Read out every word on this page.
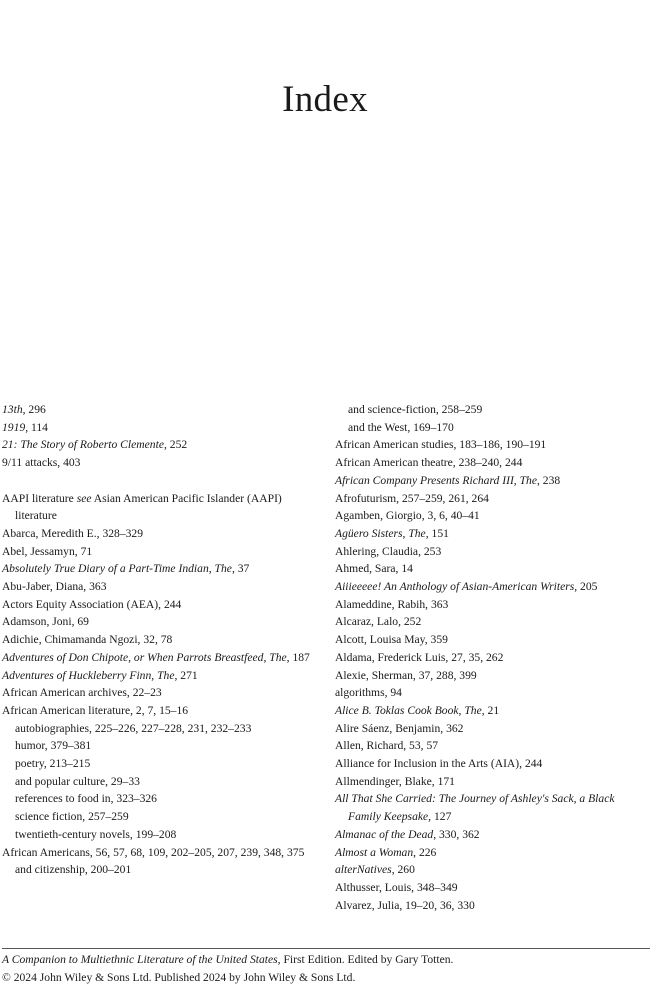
Index
13th, 296
1919, 114
21: The Story of Roberto Clemente, 252
9/11 attacks, 403
AAPI literature see Asian American Pacific Islander (AAPI) literature
Abarca, Meredith E., 328–329
Abel, Jessamyn, 71
Absolutely True Diary of a Part-Time Indian, The, 37
Abu-Jaber, Diana, 363
Actors Equity Association (AEA), 244
Adamson, Joni, 69
Adichie, Chimamanda Ngozi, 32, 78
Adventures of Don Chipote, or When Parrots Breastfeed, The, 187
Adventures of Huckleberry Finn, The, 271
African American archives, 22–23
African American literature, 2, 7, 15–16
autobiographies, 225–226, 227–228, 231, 232–233
humor, 379–381
poetry, 213–215
and popular culture, 29–33
references to food in, 323–326
science fiction, 257–259
twentieth-century novels, 199–208
African Americans, 56, 57, 68, 109, 202–205, 207, 239, 348, 375
and citizenship, 200–201
and science-fiction, 258–259
and the West, 169–170
African American studies, 183–186, 190–191
African American theatre, 238–240, 244
African Company Presents Richard III, The, 238
Afrofuturism, 257–259, 261, 264
Agamben, Giorgio, 3, 6, 40–41
Agüero Sisters, The, 151
Ahlering, Claudia, 253
Ahmed, Sara, 14
Aiiieeeee! An Anthology of Asian-American Writers, 205
Alameddine, Rabih, 363
Alcaraz, Lalo, 252
Alcott, Louisa May, 359
Aldama, Frederick Luis, 27, 35, 262
Alexie, Sherman, 37, 288, 399
algorithms, 94
Alice B. Toklas Cook Book, The, 21
Alire Sáenz, Benjamin, 362
Allen, Richard, 53, 57
Alliance for Inclusion in the Arts (AIA), 244
Allmendinger, Blake, 171
All That She Carried: The Journey of Ashley's Sack, a Black Family Keepsake, 127
Almanac of the Dead, 330, 362
Almost a Woman, 226
alterNatives, 260
Althusser, Louis, 348–349
Alvarez, Julia, 19–20, 36, 330
A Companion to Multiethnic Literature of the United States, First Edition. Edited by Gary Totten.
© 2024 John Wiley & Sons Ltd. Published 2024 by John Wiley & Sons Ltd.
